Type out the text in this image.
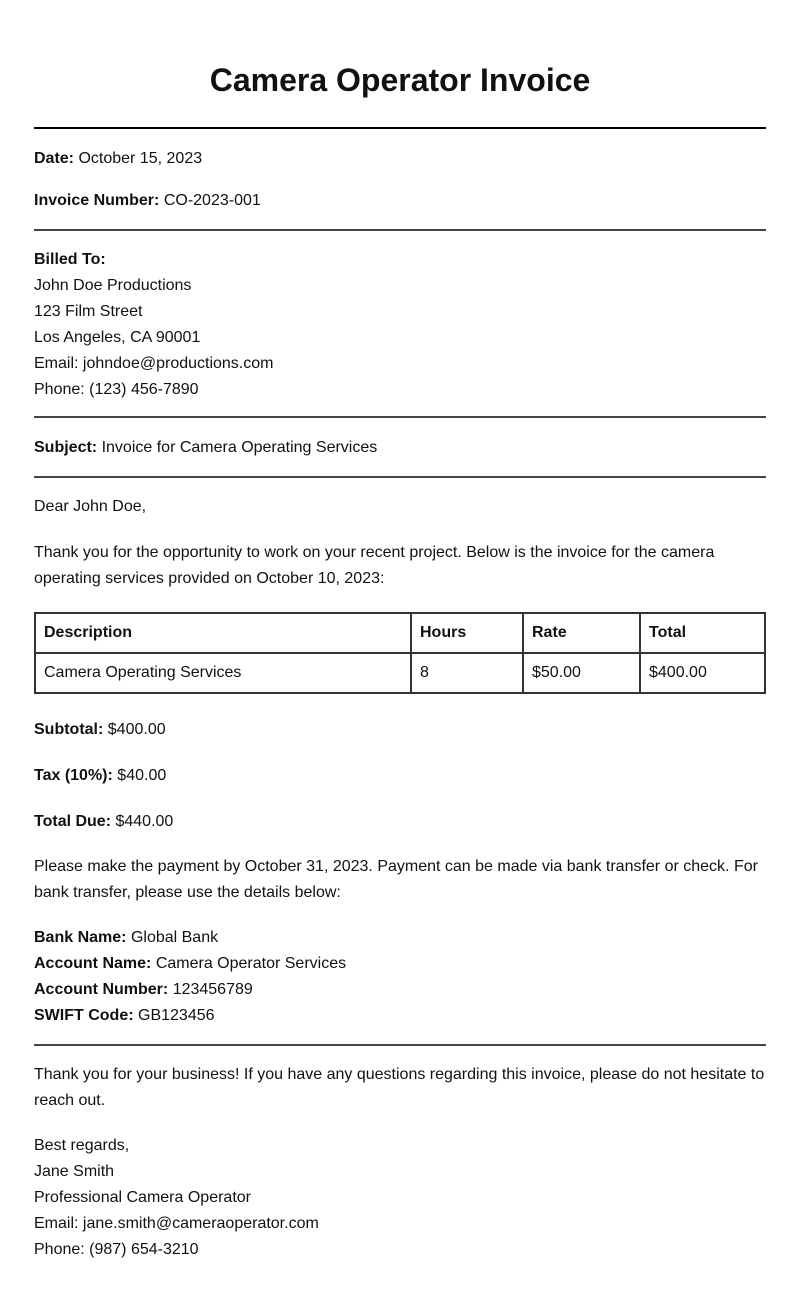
Camera Operator Invoice
Date: October 15, 2023
Invoice Number: CO-2023-001
Billed To:
John Doe Productions
123 Film Street
Los Angeles, CA 90001
Email: johndoe@productions.com
Phone: (123) 456-7890
Subject: Invoice for Camera Operating Services
Dear John Doe,
Thank you for the opportunity to work on your recent project. Below is the invoice for the camera operating services provided on October 10, 2023:
Description	Hours	Rate	Total
Camera Operating Services	8	$50.00	$400.00
Subtotal: $400.00
Tax (10%): $40.00
Total Due: $440.00
Please make the payment by October 31, 2023. Payment can be made via bank transfer or check. For bank transfer, please use the details below:
Bank Name: Global Bank
Account Name: Camera Operator Services
Account Number: 123456789
SWIFT Code: GB123456
Thank you for your business! If you have any questions regarding this invoice, please do not hesitate to reach out.
Best regards,
Jane Smith
Professional Camera Operator
Email: jane.smith@cameraoperator.com
Phone: (987) 654-3210
